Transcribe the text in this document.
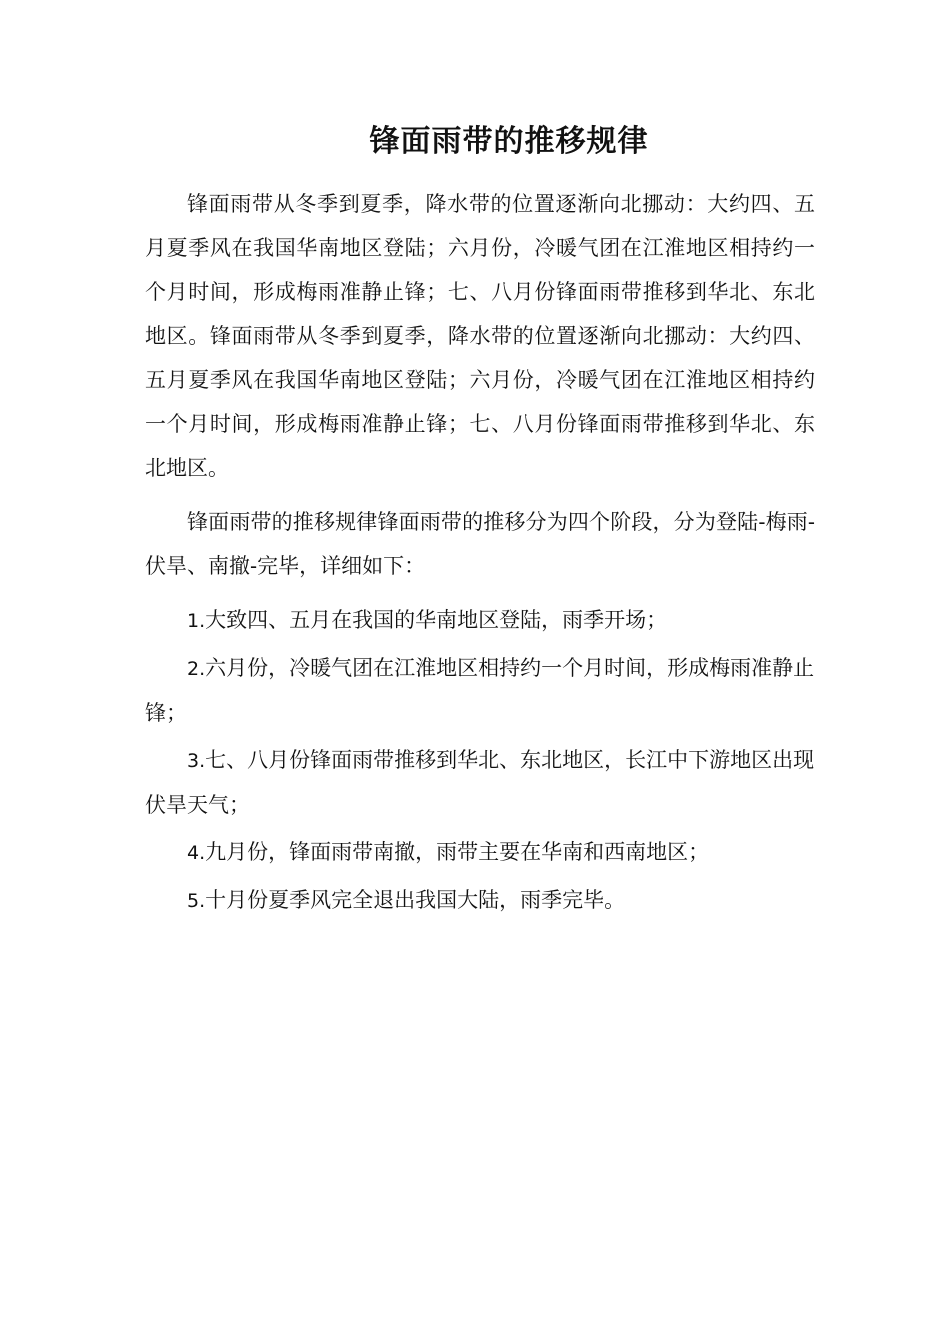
锋面雨带的推移规律

锋面雨带从冬季到夏季，降水带的位置逐渐向北挪动：大约四、五月夏季风在我国华南地区登陆；六月份，冷暖气团在江淮地区相持约一个月时间，形成梅雨准静止锋；七、八月份锋面雨带推移到华北、东北地区。锋面雨带从冬季到夏季，降水带的位置逐渐向北挪动：大约四、五月夏季风在我国华南地区登陆；六月份，冷暖气团在江淮地区相持约一个月时间，形成梅雨准静止锋；七、八月份锋面雨带推移到华北、东北地区。

锋面雨带的推移规律锋面雨带的推移分为四个阶段，分为登陆-梅雨-伏旱、南撤-完毕，详细如下：

1.大致四、五月在我国的华南地区登陆，雨季开场；

2.六月份，冷暖气团在江淮地区相持约一个月时间，形成梅雨准静止锋；

3.七、八月份锋面雨带推移到华北、东北地区，长江中下游地区出现伏旱天气；

4.九月份，锋面雨带南撤，雨带主要在华南和西南地区；

5.十月份夏季风完全退出我国大陆，雨季完毕。
